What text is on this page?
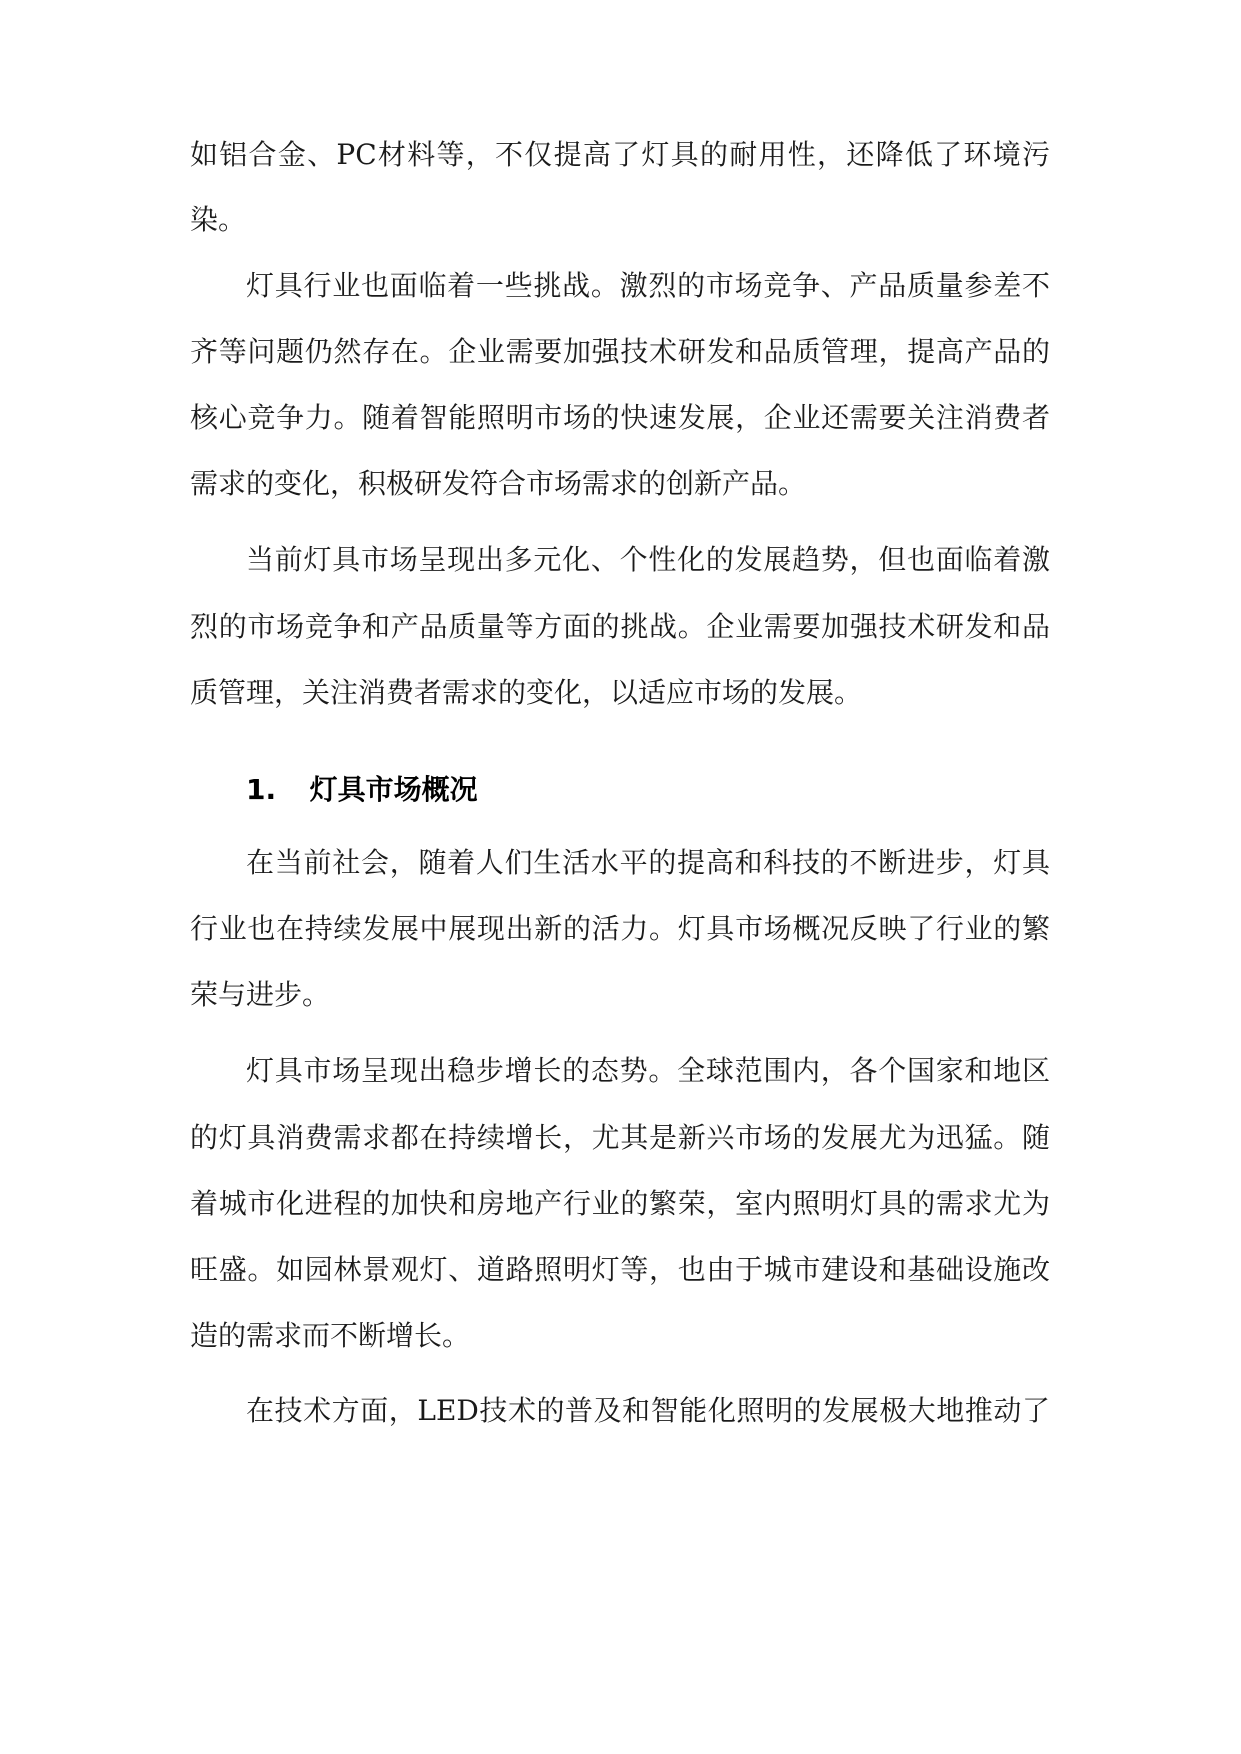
如铝合金、PC材料等，不仅提高了灯具的耐用性，还降低了环境污
染。
灯具行业也面临着一些挑战。激烈的市场竞争、产品质量参差不
齐等问题仍然存在。企业需要加强技术研发和品质管理，提高产品的
核心竞争力。随着智能照明市场的快速发展，企业还需要关注消费者
需求的变化，积极研发符合市场需求的创新产品。
当前灯具市场呈现出多元化、个性化的发展趋势，但也面临着激
烈的市场竞争和产品质量等方面的挑战。企业需要加强技术研发和品
质管理，关注消费者需求的变化，以适应市场的发展。
1. 灯具市场概况
在当前社会，随着人们生活水平的提高和科技的不断进步，灯具
行业也在持续发展中展现出新的活力。灯具市场概况反映了行业的繁
荣与进步。
灯具市场呈现出稳步增长的态势。全球范围内，各个国家和地区
的灯具消费需求都在持续增长，尤其是新兴市场的发展尤为迅猛。随
着城市化进程的加快和房地产行业的繁荣，室内照明灯具的需求尤为
旺盛。如园林景观灯、道路照明灯等，也由于城市建设和基础设施改
造的需求而不断增长。
在技术方面，LED技术的普及和智能化照明的发展极大地推动了
